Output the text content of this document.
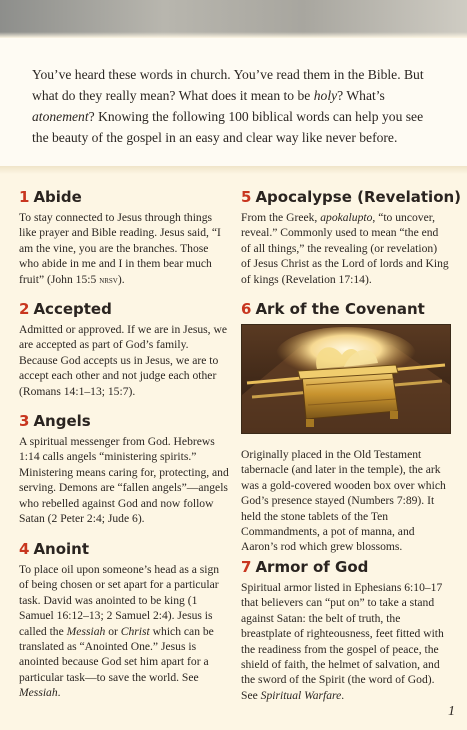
You’ve heard these words in church. You’ve read them in the Bible. But what do they really mean? What does it mean to be holy? What’s atonement? Knowing the following 100 biblical words can help you see the beauty of the gospel in an easy and clear way like never before.

1 Abide

To stay connected to Jesus through things like prayer and Bible reading. Jesus said, “I am the vine, you are the branches. Those who abide in me and I in them bear much fruit” (John 15:5 nrsv).

2 Accepted

Admitted or approved. If we are in Jesus, we are accepted as part of God’s family. Because God accepts us in Jesus, we are to accept each other and not judge each other (Romans 14:1–13; 15:7).

3 Angels

A spiritual messenger from God. Hebrews 1:14 calls angels “ministering spirits.” Ministering means caring for, protecting, and serving. Demons are “fallen angels”—angels who rebelled against God and now follow Satan (2 Peter 2:4; Jude 6).

4 Anoint

To place oil upon someone’s head as a sign of being chosen or set apart for a particular task. David was anointed to be king (1 Samuel 16:12–13; 2 Samuel 2:4). Jesus is called the Messiah or Christ which can be translated as “Anointed One.” Jesus is anointed because God set him apart for a particular task—to save the world. See Messiah.

5 Apocalypse (Revelation)

From the Greek, apokalupto, “to uncover, reveal.” Commonly used to mean “the end of all things,” the revealing (or revelation) of Jesus Christ as the Lord of lords and King of kings (Revelation 17:14).

6 Ark of the Covenant

Originally placed in the Old Testament tabernacle (and later in the temple), the ark was a gold-covered wooden box over which God’s presence stayed (Numbers 7:89). It held the stone tablets of the Ten Commandments, a pot of manna, and Aaron’s rod which grew blossoms.

7 Armor of God

Spiritual armor listed in Ephesians 6:10–17 that believers can “put on” to take a stand against Satan: the belt of truth, the breastplate of righteousness, feet fitted with the readiness from the gospel of peace, the shield of faith, the helmet of salvation, and the sword of the Spirit (the word of God). See Spiritual Warfare.

1
